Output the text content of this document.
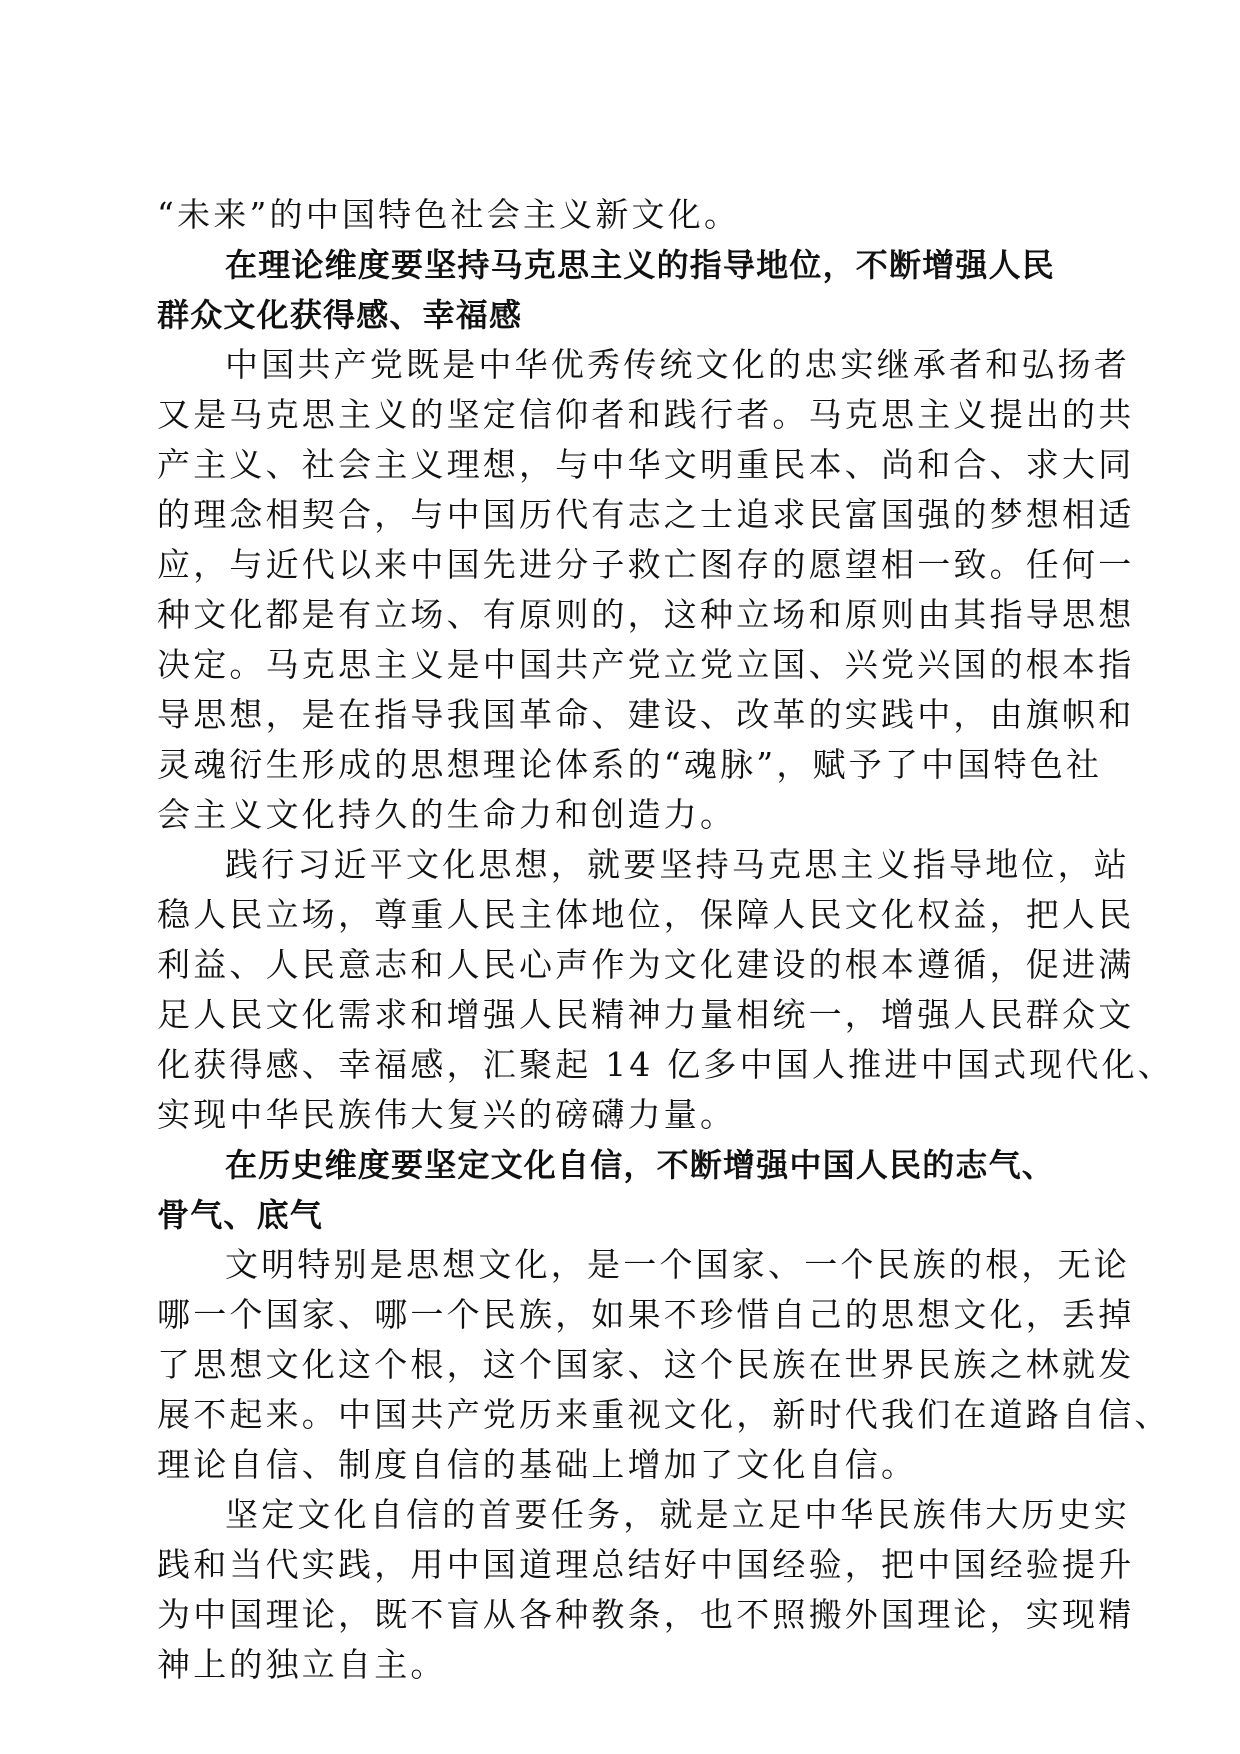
“未来”的中国特色社会主义新文化。
在理论维度要坚持马克思主义的指导地位，不断增强人民
群众文化获得感、幸福感
中国共产党既是中华优秀传统文化的忠实继承者和弘扬者
又是马克思主义的坚定信仰者和践行者。马克思主义提出的共
产主义、社会主义理想，与中华文明重民本、尚和合、求大同
的理念相契合，与中国历代有志之士追求民富国强的梦想相适
应，与近代以来中国先进分子救亡图存的愿望相一致。任何一
种文化都是有立场、有原则的，这种立场和原则由其指导思想
决定。马克思主义是中国共产党立党立国、兴党兴国的根本指
导思想，是在指导我国革命、建设、改革的实践中，由旗帜和
灵魂衍生形成的思想理论体系的“魂脉”，赋予了中国特色社
会主义文化持久的生命力和创造力。
践行习近平文化思想，就要坚持马克思主义指导地位，站
稳人民立场，尊重人民主体地位，保障人民文化权益，把人民
利益、人民意志和人民心声作为文化建设的根本遵循，促进满
足人民文化需求和增强人民精神力量相统一，增强人民群众文
化获得感、幸福感，汇聚起 14 亿多中国人推进中国式现代化、
实现中华民族伟大复兴的磅礴力量。
在历史维度要坚定文化自信，不断增强中国人民的志气、
骨气、底气
文明特别是思想文化，是一个国家、一个民族的根，无论
哪一个国家、哪一个民族，如果不珍惜自己的思想文化，丢掉
了思想文化这个根，这个国家、这个民族在世界民族之林就发
展不起来。中国共产党历来重视文化，新时代我们在道路自信、
理论自信、制度自信的基础上增加了文化自信。
坚定文化自信的首要任务，就是立足中华民族伟大历史实
践和当代实践，用中国道理总结好中国经验，把中国经验提升
为中国理论，既不盲从各种教条，也不照搬外国理论，实现精
神上的独立自主。
